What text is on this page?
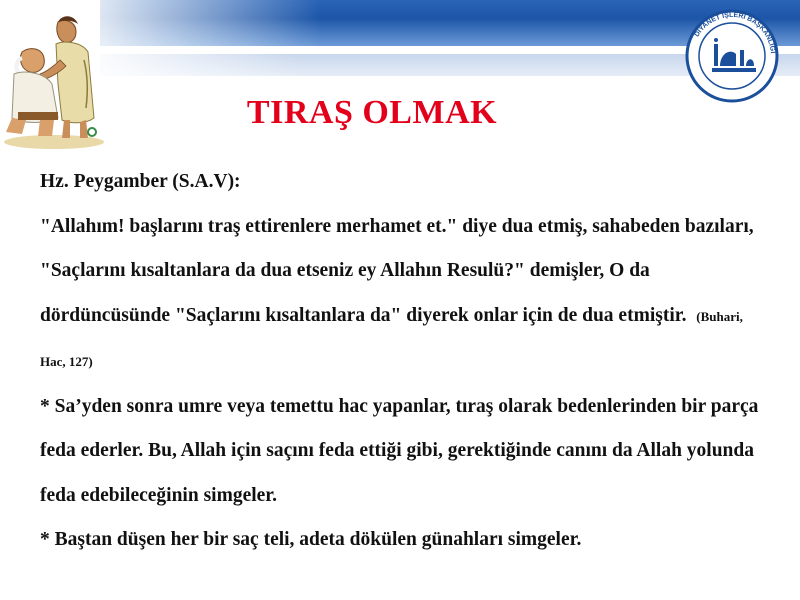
DİYANET İŞLERİ BAŞKANLIĞI
TIRAŞ OLMAK

Hz. Peygamber (S.A.V):

"Allahım! başlarını traş ettirenlere merhamet et." diye dua etmiş, sahabeden bazıları, "Saçlarını kısaltanlara da dua etseniz ey Allahın Resulü?" demişler, O da dördüncüsünde "Saçlarını kısaltanlara da" diyerek onlar için de dua etmiştir. (Buhari, Hac, 127)

* Sa’yden sonra umre veya temettu hac yapanlar, tıraş olarak bedenlerinden bir parça feda ederler. Bu, Allah için saçını feda ettiği gibi, gerektiğinde canını da Allah yolunda feda edebileceğinin simgeler.

* Baştan düşen her bir saç teli, adeta dökülen günahları simgeler.
